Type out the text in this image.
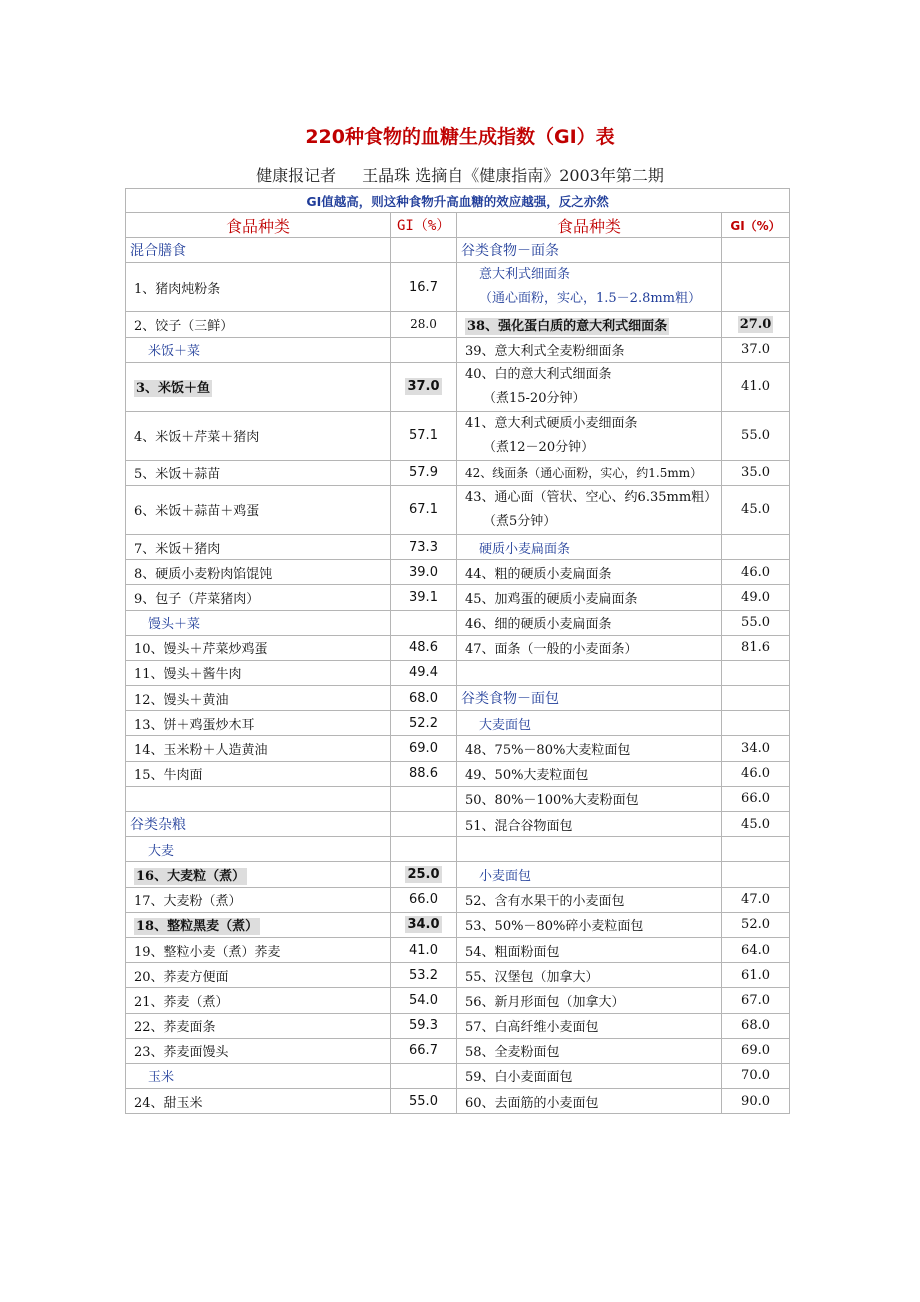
220种食物的血糖生成指数（GI）表
健康报记者 王晶珠 选摘自《健康指南》2003年第二期
GI值越高，则这种食物升高血糖的效应越强，反之亦然			
食品种类	GI（%）	食品种类	GI（%）
混合膳食		谷类食物－面条	
1、猪肉炖粉条	16.7	意大利式细面条
（通心面粉，实心，1.5－2.8mm粗）	

2、饺子（三鲜）	28.0	38、强化蛋白质的意大利式细面条	27.0
米饭＋菜		39、意大利式全麦粉细面条	37.0
3、米饭＋鱼	37.0	40、白的意大利式细面条
（煮15-20分钟）	41.0
4、米饭＋芹菜＋猪肉	57.1	41、意大利式硬质小麦细面条
（煮12－20分钟）	55.0
5、米饭＋蒜苗	57.9	42、线面条（通心面粉，实心，约1.5mm）	35.0
6、米饭＋蒜苗＋鸡蛋	67.1	43、通心面（管状、空心、约6.35mm粗）
（煮5分钟）	45.0
7、米饭＋猪肉	73.3	硬质小麦扁面条	
8、硬质小麦粉肉馅馄饨	39.0	44、粗的硬质小麦扁面条	46.0
9、包子（芹菜猪肉）	39.1	45、加鸡蛋的硬质小麦扁面条	49.0
馒头＋菜		46、细的硬质小麦扁面条	55.0
10、馒头＋芹菜炒鸡蛋	48.6	47、面条（一般的小麦面条）	81.6
11、馒头＋酱牛肉	49.4		
12、馒头＋黄油	68.0	谷类食物－面包	
13、饼＋鸡蛋炒木耳	52.2	大麦面包	
14、玉米粉＋人造黄油	69.0	48、75%－80%大麦粒面包	34.0
15、牛肉面	88.6	49、50%大麦粒面包	46.0
		50、80%－100%大麦粉面包	66.0
谷类杂粮		51、混合谷物面包	45.0
大麦			
16、大麦粒（煮）	25.0	小麦面包	
17、大麦粉（煮）	66.0	52、含有水果干的小麦面包	47.0
18、整粒黑麦（煮）	34.0	53、50%－80%碎小麦粒面包	52.0
19、整粒小麦（煮）荞麦	41.0	54、粗面粉面包	64.0
20、荞麦方便面	53.2	55、汉堡包（加拿大）	61.0
21、荞麦（煮）	54.0	56、新月形面包（加拿大）	67.0
22、荞麦面条	59.3	57、白高纤维小麦面包	68.0
23、荞麦面馒头	66.7	58、全麦粉面包	69.0
玉米		59、白小麦面面包	70.0
24、甜玉米	55.0	60、去面筋的小麦面包	90.0
